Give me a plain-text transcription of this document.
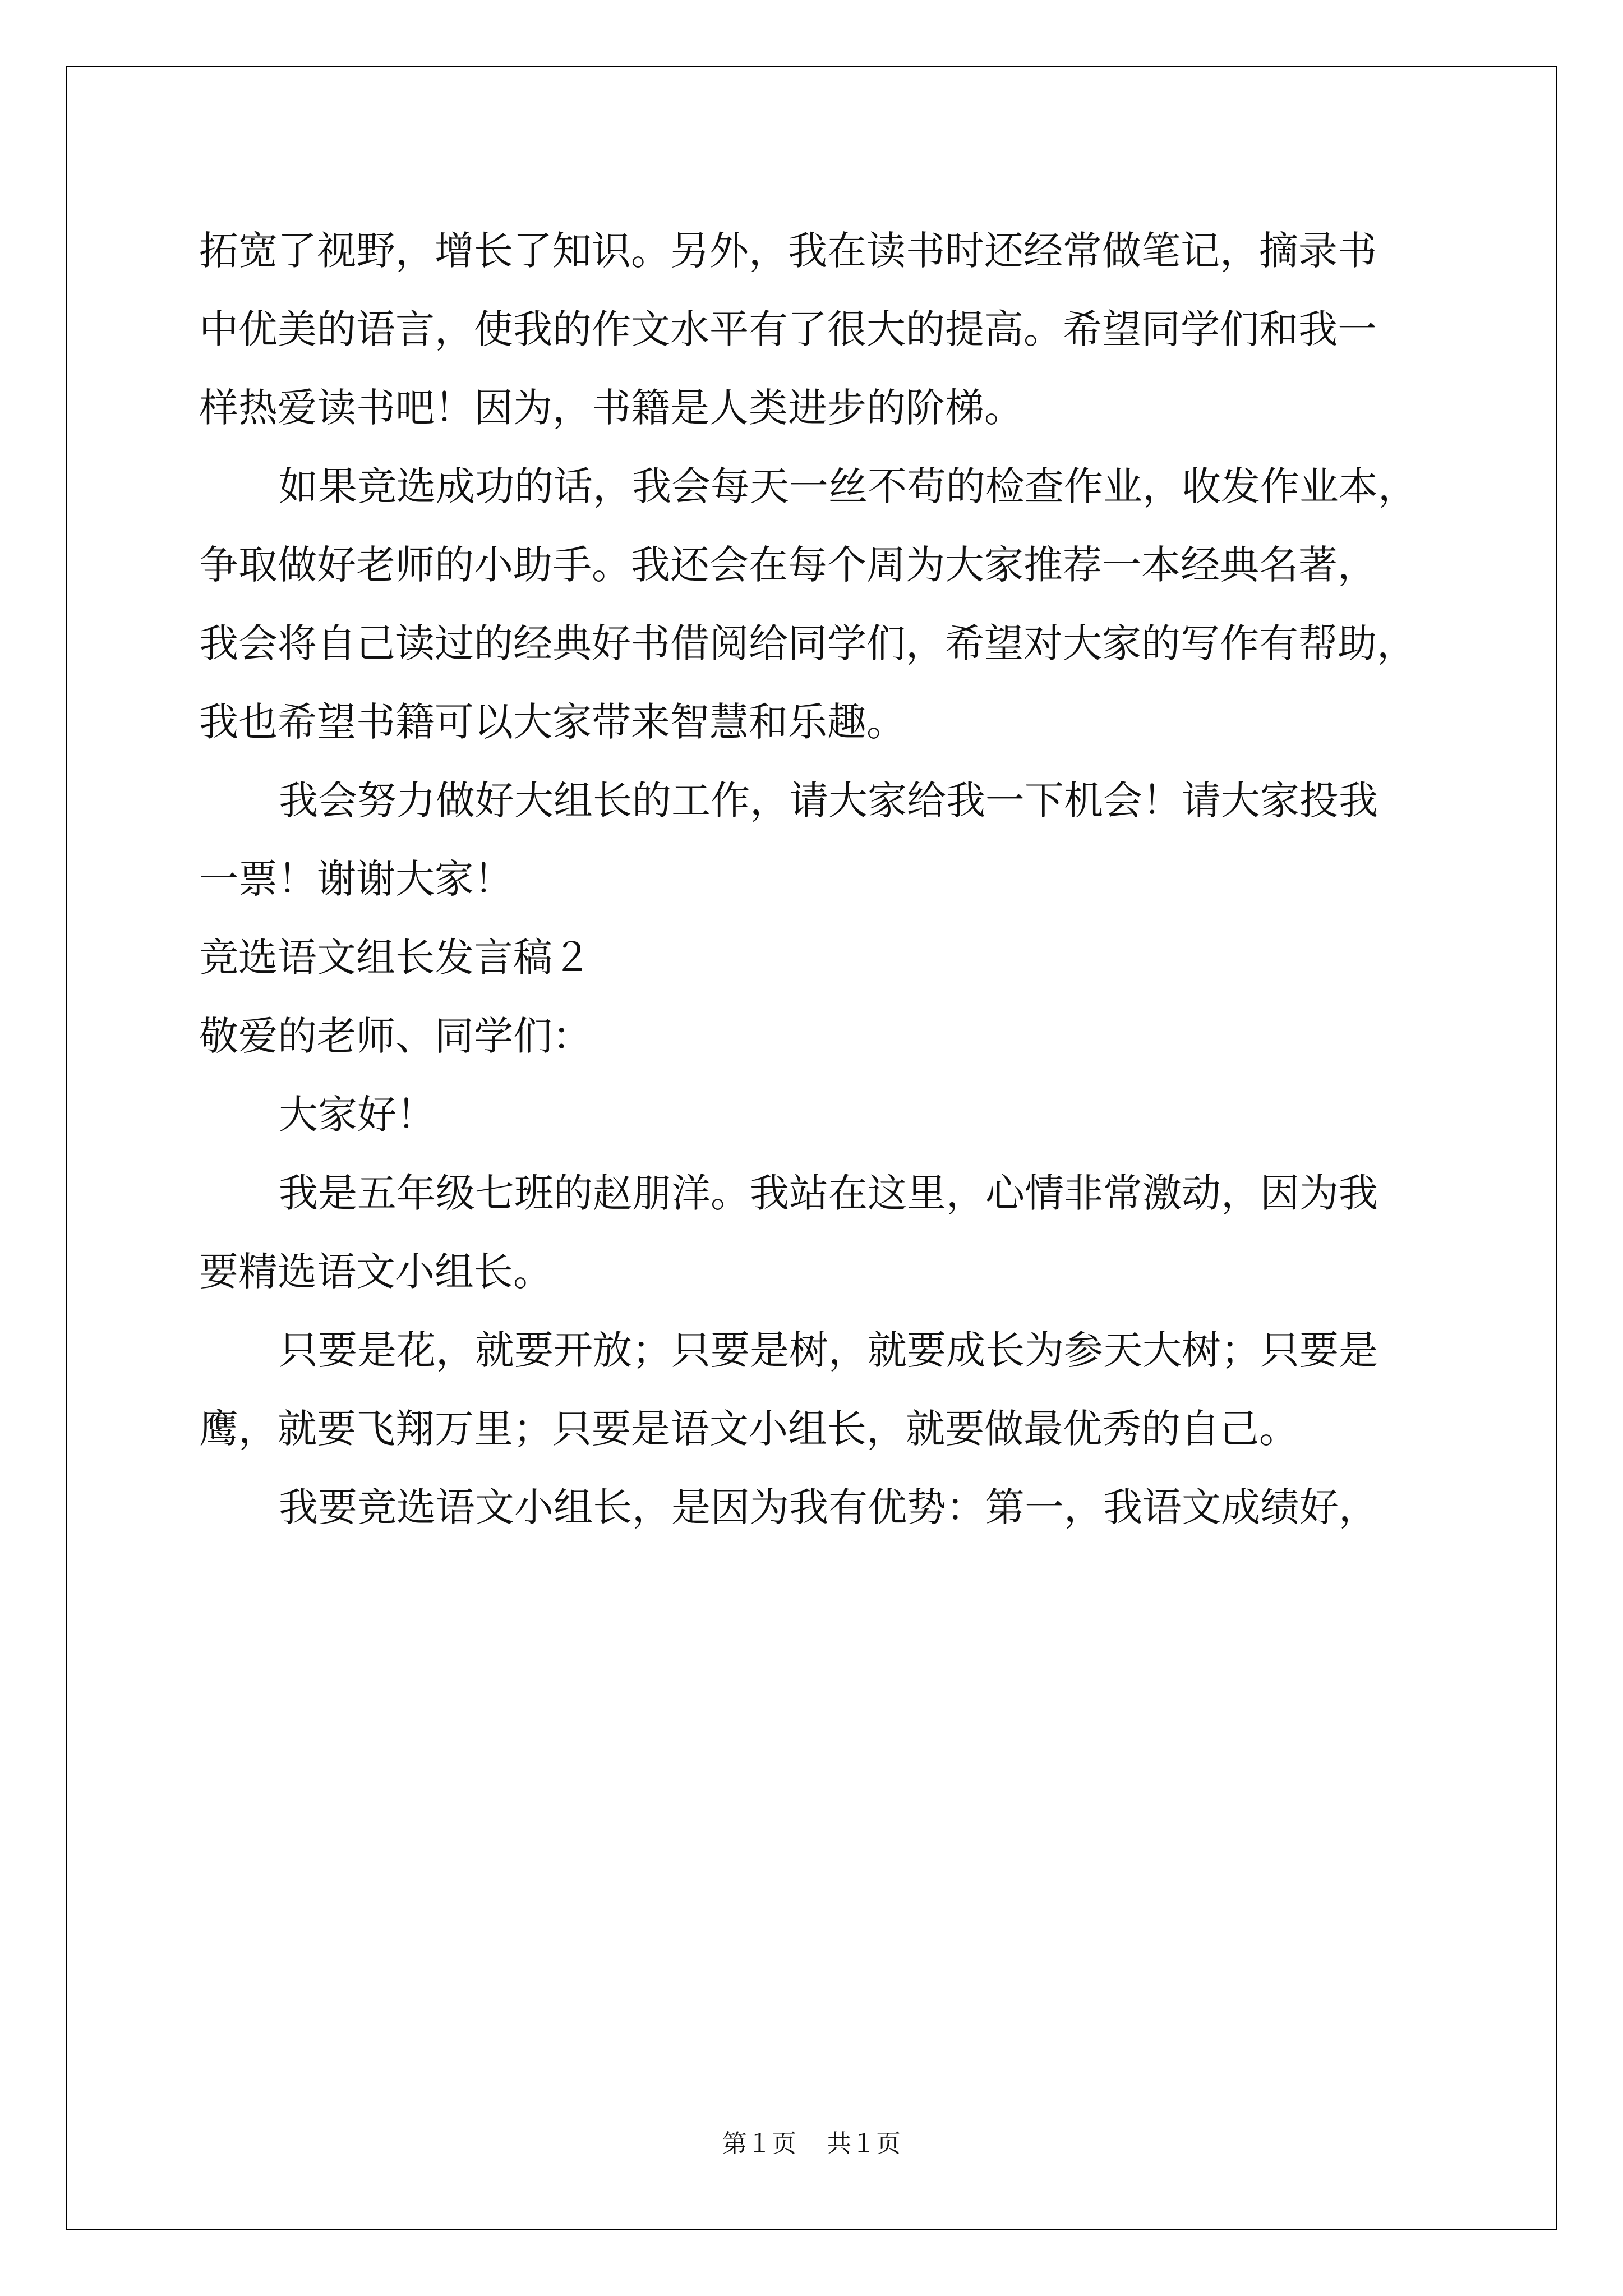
拓宽了视野，增长了知识。另外，我在读书时还经常做笔记，摘录书
中优美的语言，使我的作文水平有了很大的提高。希望同学们和我一
样热爱读书吧！因为，书籍是人类进步的阶梯。
如果竞选成功的话，我会每天一丝不苟的检查作业，收发作业本，
争取做好老师的小助手。我还会在每个周为大家推荐一本经典名著，
我会将自己读过的经典好书借阅给同学们，希望对大家的写作有帮助，
我也希望书籍可以大家带来智慧和乐趣。
我会努力做好大组长的工作，请大家给我一下机会！请大家投我
一票！谢谢大家！
竞选语文组长发言稿２
敬爱的老师、同学们：
大家好！
我是五年级七班的赵朋洋。我站在这里，心情非常激动，因为我
要精选语文小组长。
只要是花，就要开放；只要是树，就要成长为参天大树；只要是
鹰，就要飞翔万里；只要是语文小组长，就要做最优秀的自己。
我要竞选语文小组长，是因为我有优势：第一，我语文成绩好，
第１页 共１页
